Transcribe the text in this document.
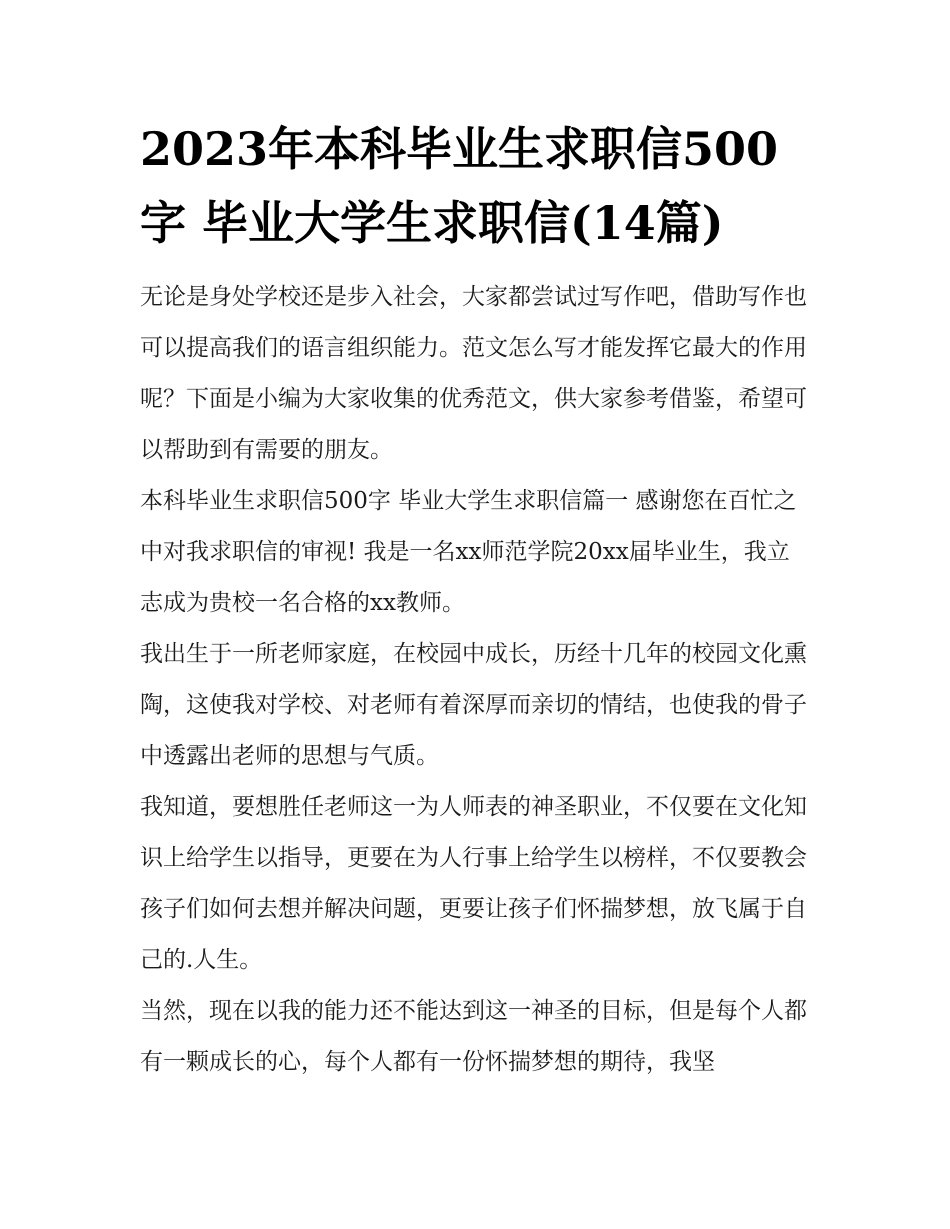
2023年本科毕业生求职信500字 毕业大学生求职信(14篇)

无论是身处学校还是步入社会，大家都尝试过写作吧，借助写作也可以提高我们的语言组织能力。范文怎么写才能发挥它最大的作用呢？下面是小编为大家收集的优秀范文，供大家参考借鉴，希望可以帮助到有需要的朋友。

本科毕业生求职信500字 毕业大学生求职信篇一 感谢您在百忙之中对我求职信的审视! 我是一名xx师范学院20xx届毕业生，我立志成为贵校一名合格的xx教师。

我出生于一所老师家庭，在校园中成长，历经十几年的校园文化熏陶，这使我对学校、对老师有着深厚而亲切的情结，也使我的骨子中透露出老师的思想与气质。

我知道，要想胜任老师这一为人师表的神圣职业，不仅要在文化知识上给学生以指导，更要在为人行事上给学生以榜样，不仅要教会孩子们如何去想并解决问题，更要让孩子们怀揣梦想，放飞属于自己的.人生。

当然，现在以我的能力还不能达到这一神圣的目标，但是每个人都有一颗成长的心，每个人都有一份怀揣梦想的期待，我坚
